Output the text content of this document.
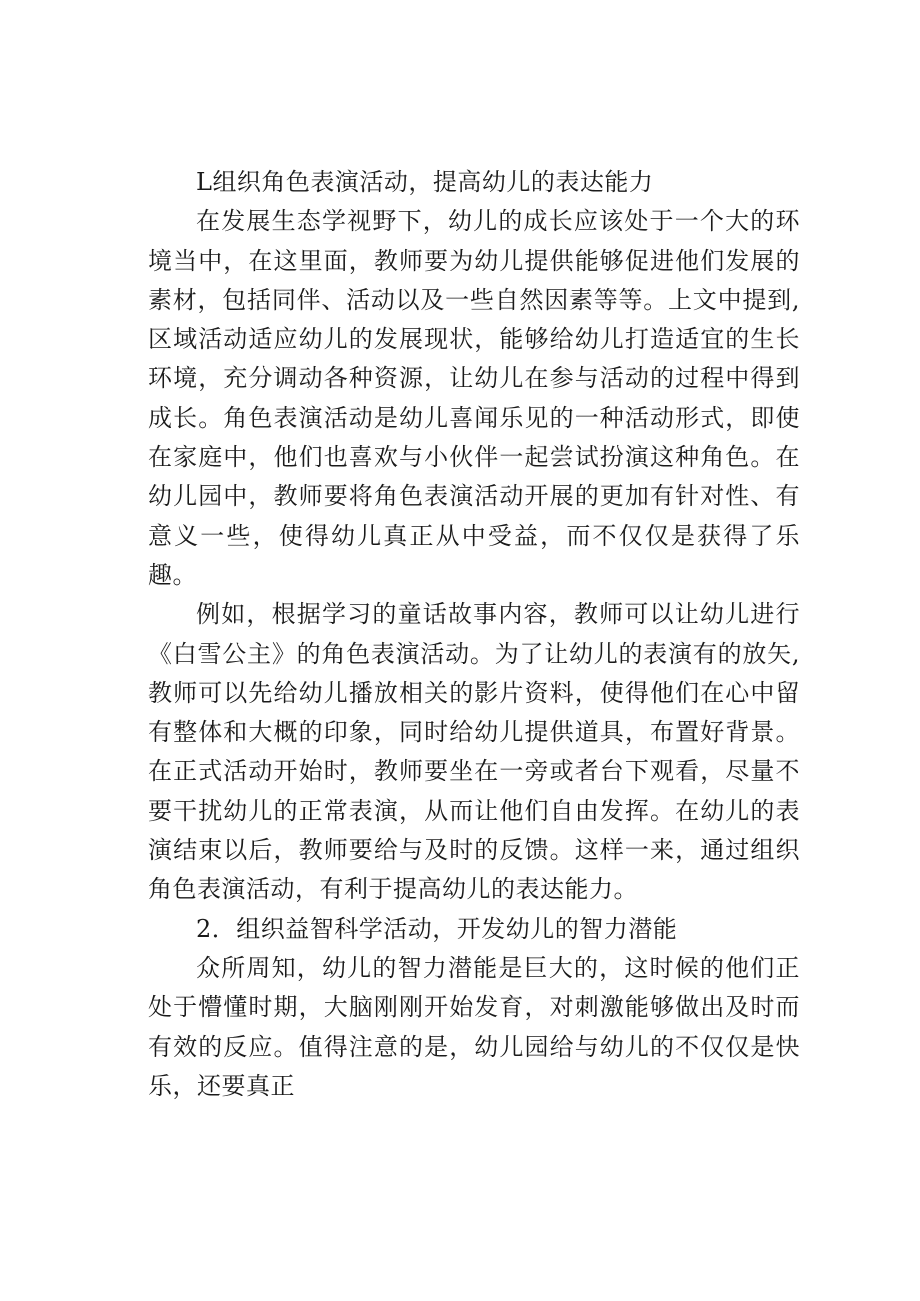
L组织角色表演活动，提高幼儿的表达能力

在发展生态学视野下，幼儿的成长应该处于一个大的环境当中，在这里面，教师要为幼儿提供能够促进他们发展的素材，包括同伴、活动以及一些自然因素等等。上文中提到,区域活动适应幼儿的发展现状，能够给幼儿打造适宜的生长环境，充分调动各种资源，让幼儿在参与活动的过程中得到成长。角色表演活动是幼儿喜闻乐见的一种活动形式，即使在家庭中，他们也喜欢与小伙伴一起尝试扮演这种角色。在幼儿园中，教师要将角色表演活动开展的更加有针对性、有意义一些，使得幼儿真正从中受益，而不仅仅是获得了乐趣。

例如，根据学习的童话故事内容，教师可以让幼儿进行《白雪公主》的角色表演活动。为了让幼儿的表演有的放矢,教师可以先给幼儿播放相关的影片资料，使得他们在心中留有整体和大概的印象，同时给幼儿提供道具，布置好背景。在正式活动开始时，教师要坐在一旁或者台下观看，尽量不要干扰幼儿的正常表演，从而让他们自由发挥。在幼儿的表演结束以后，教师要给与及时的反馈。这样一来，通过组织角色表演活动，有利于提高幼儿的表达能力。

2．组织益智科学活动，开发幼儿的智力潜能

众所周知，幼儿的智力潜能是巨大的，这时候的他们正处于懵懂时期，大脑刚刚开始发育，对刺激能够做出及时而有效的反应。值得注意的是，幼儿园给与幼儿的不仅仅是快乐，还要真正
